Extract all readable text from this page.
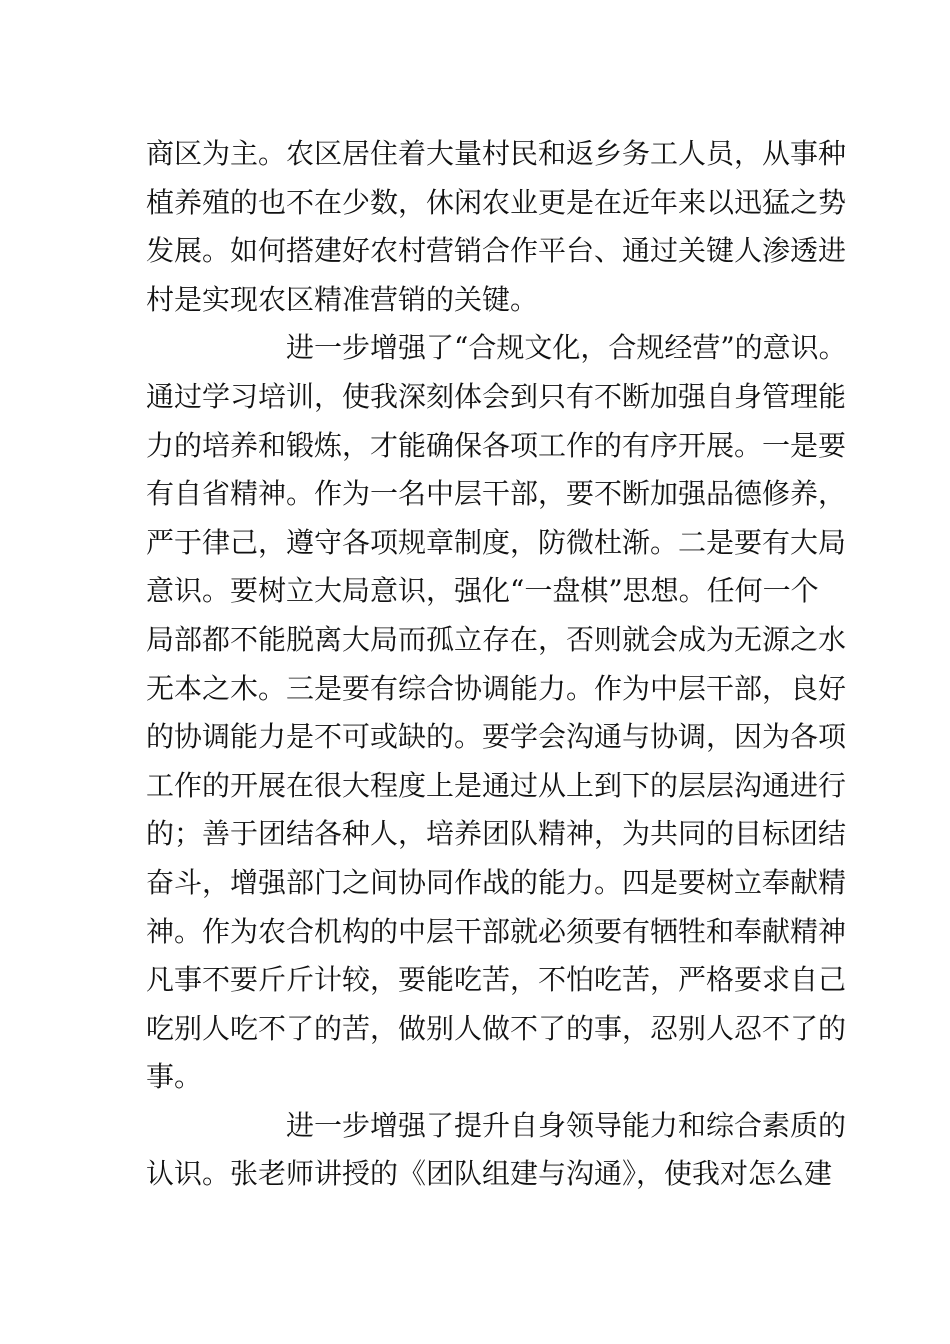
商区为主。农区居住着大量村民和返乡务工人员，从事种
植养殖的也不在少数，休闲农业更是在近年来以迅猛之势
发展。如何搭建好农村营销合作平台、通过关键人渗透进
村是实现农区精准营销的关键。
进一步增强了“合规文化，合规经营”的意识。
通过学习培训，使我深刻体会到只有不断加强自身管理能
力的培养和锻炼，才能确保各项工作的有序开展。一是要
有自省精神。作为一名中层干部，要不断加强品德修养，
严于律己，遵守各项规章制度，防微杜渐。二是要有大局
意识。要树立大局意识，强化“一盘棋”思想。任何一个
局部都不能脱离大局而孤立存在，否则就会成为无源之水
无本之木。三是要有综合协调能力。作为中层干部，良好
的协调能力是不可或缺的。要学会沟通与协调，因为各项
工作的开展在很大程度上是通过从上到下的层层沟通进行
的；善于团结各种人，培养团队精神，为共同的目标团结
奋斗，增强部门之间协同作战的能力。四是要树立奉献精
神。作为农合机构的中层干部就必须要有牺牲和奉献精神
凡事不要斤斤计较，要能吃苦，不怕吃苦，严格要求自己
吃别人吃不了的苦，做别人做不了的事，忍别人忍不了的
事。
进一步增强了提升自身领导能力和综合素质的
认识。张老师讲授的《团队组建与沟通》，使我对怎么建
